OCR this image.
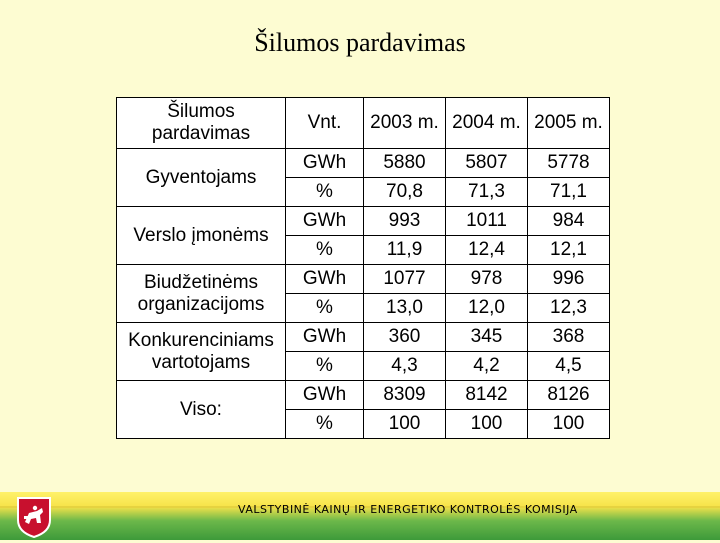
Šilumos pardavimas
Šilumos pardavimas	Vnt.	2003 m.	2004 m.	2005 m.
Gyventojams	GWh	5880	5807	5778
	%	70,8	71,3	71,1
Verslo įmonėms	GWh	993	1011	984
	%	11,9	12,4	12,1
Biudžetinėms organizacijoms	GWh	1077	978	996
	%	13,0	12,0	12,3
Konkurenciniams vartotojams	GWh	360	345	368
	%	4,3	4,2	4,5
Viso:	GWh	8309	8142	8126
	%	100	100	100
VALSTYBINĖ KAINŲ IR ENERGETIKO KONTROLĖS KOMISIJA
